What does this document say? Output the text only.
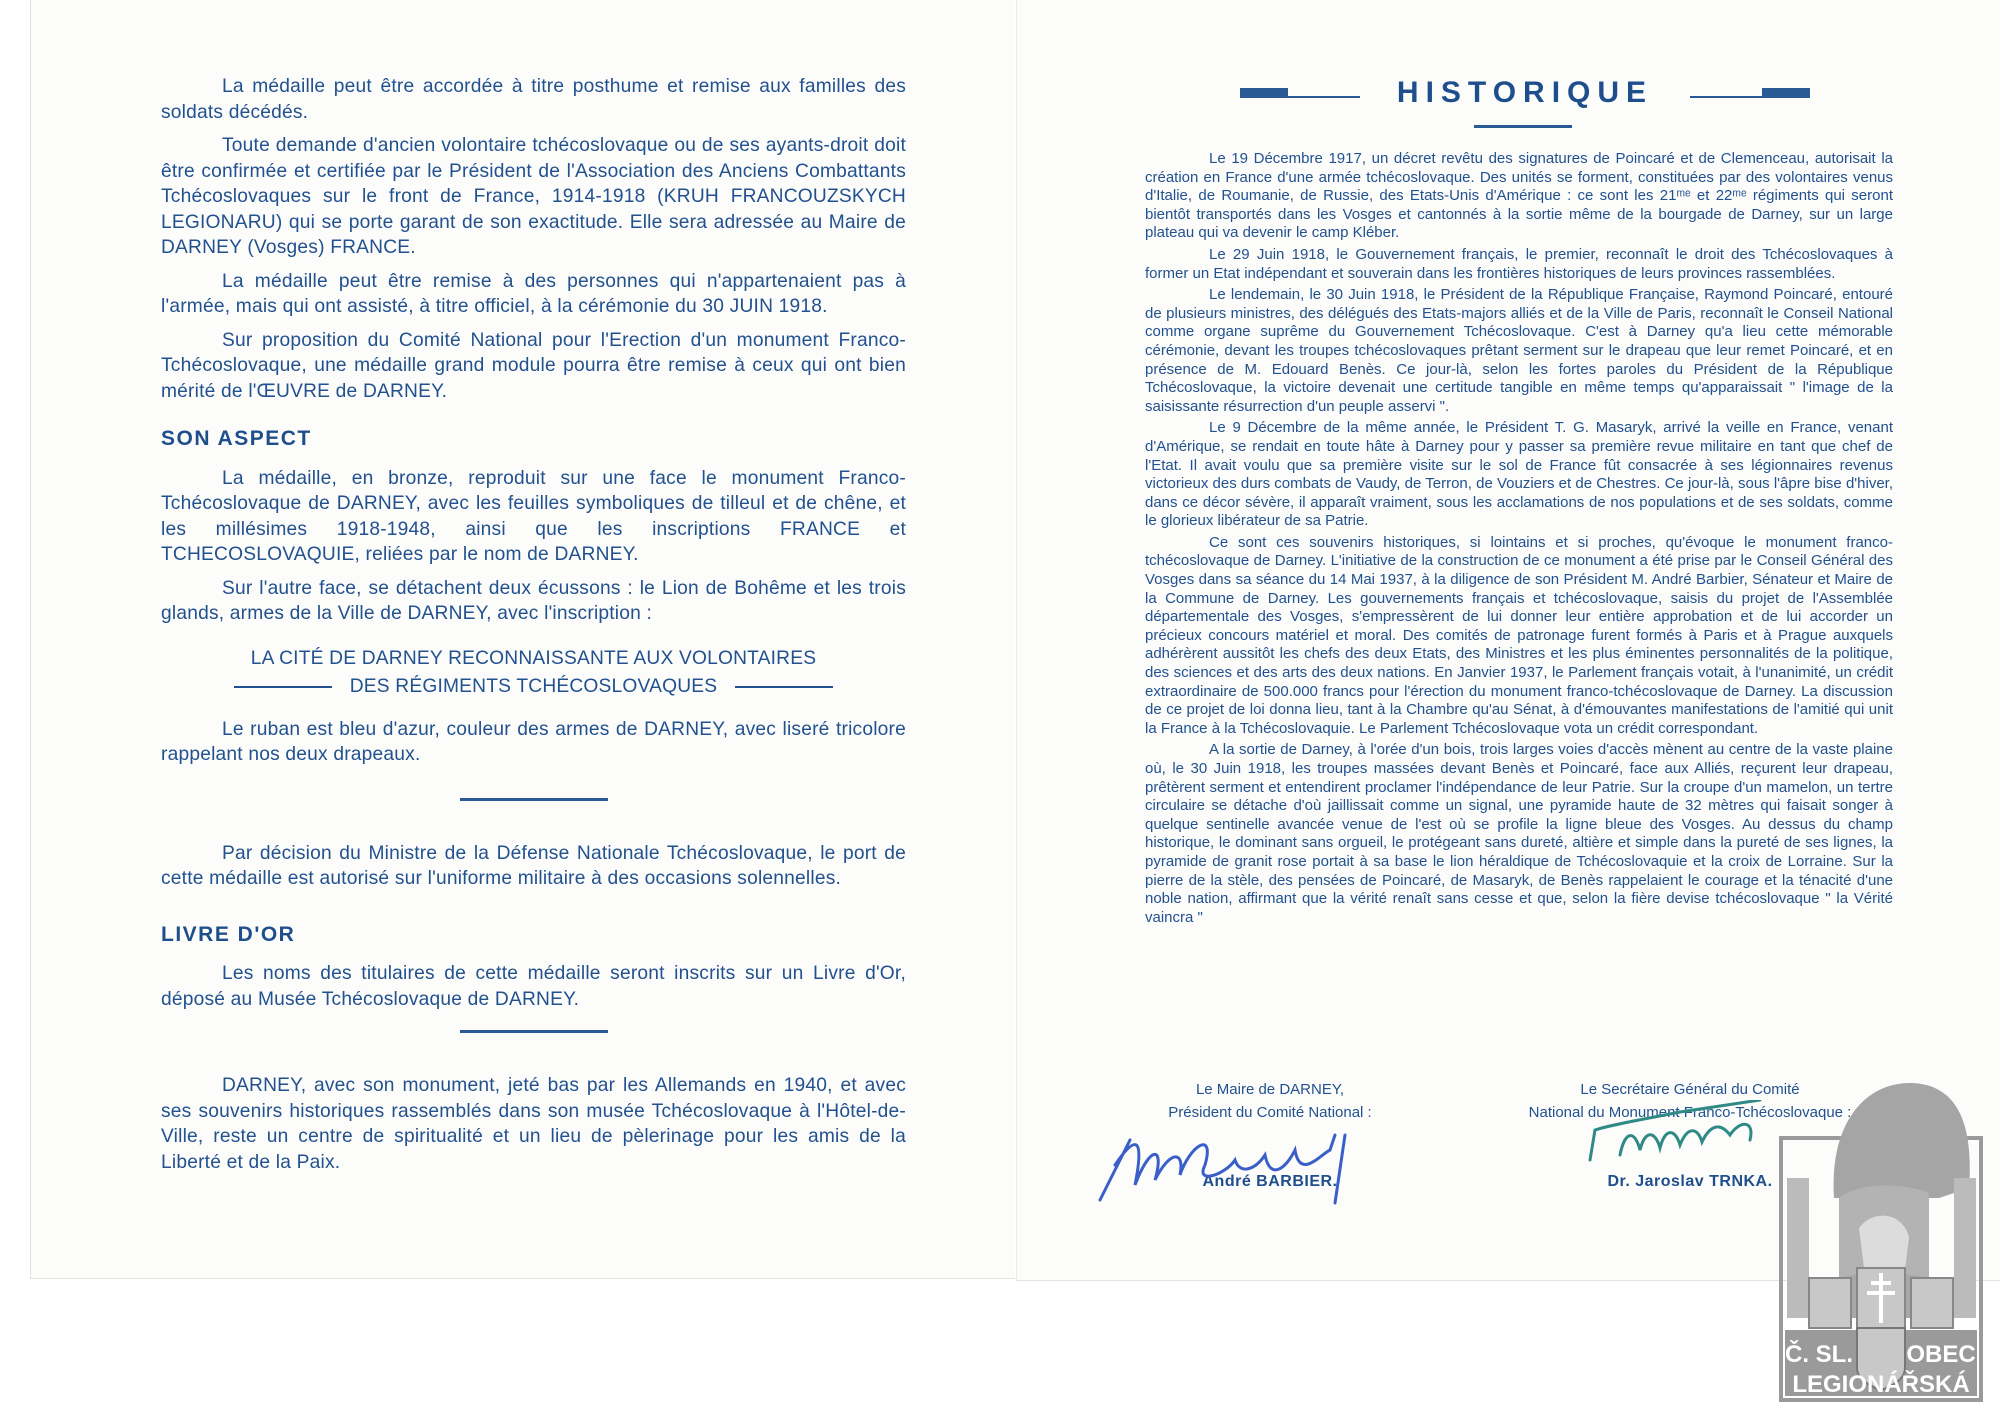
La médaille peut être accordée à titre posthume et remise aux familles des soldats décédés.

Toute demande d'ancien volontaire tchécoslovaque ou de ses ayants-droit doit être confirmée et certifiée par le Président de l'Association des Anciens Combattants Tchécoslovaques sur le front de France, 1914-1918 (KRUH FRANCOUZSKYCH LEGIONARU) qui se porte garant de son exactitude. Elle sera adressée au Maire de DARNEY (Vosges) FRANCE.

La médaille peut être remise à des personnes qui n'appartenaient pas à l'armée, mais qui ont assisté, à titre officiel, à la cérémonie du 30 JUIN 1918.

Sur proposition du Comité National pour l'Erection d'un monument Franco-Tchécoslovaque, une médaille grand module pourra être remise à ceux qui ont bien mérité de l'ŒUVRE de DARNEY.

SON ASPECT

La médaille, en bronze, reproduit sur une face le monument Franco-Tchécoslovaque de DARNEY, avec les feuilles symboliques de tilleul et de chêne, et les millésimes 1918-1948, ainsi que les inscriptions FRANCE et TCHECOSLOVAQUIE, reliées par le nom de DARNEY.

Sur l'autre face, se détachent deux écussons : le Lion de Bohême et les trois glands, armes de la Ville de DARNEY, avec l'inscription :

LA CITÉ DE DARNEY RECONNAISSANTE AUX VOLONTAIRES
DES RÉGIMENTS TCHÉCOSLOVAQUES

Le ruban est bleu d'azur, couleur des armes de DARNEY, avec liseré tricolore rappelant nos deux drapeaux.

Par décision du Ministre de la Défense Nationale Tchécoslovaque, le port de cette médaille est autorisé sur l'uniforme militaire à des occasions solennelles.

LIVRE D'OR

Les noms des titulaires de cette médaille seront inscrits sur un Livre d'Or, déposé au Musée Tchécoslovaque de DARNEY.

DARNEY, avec son monument, jeté bas par les Allemands en 1940, et avec ses souvenirs historiques rassemblés dans son musée Tchécoslovaque à l'Hôtel-de-Ville, reste un centre de spiritualité et un lieu de pèlerinage pour les amis de la Liberté et de la Paix.

HISTORIQUE

Le 19 Décembre 1917, un décret revêtu des signatures de Poincaré et de Clemenceau, autorisait la création en France d'une armée tchécoslovaque. Des unités se forment, constituées par des volontaires venus d'Italie, de Roumanie, de Russie, des Etats-Unis d'Amérique : ce sont les 21ᵐᵉ et 22ᵐᵉ régiments qui seront bientôt transportés dans les Vosges et cantonnés à la sortie même de la bourgade de Darney, sur un large plateau qui va devenir le camp Kléber.

Le 29 Juin 1918, le Gouvernement français, le premier, reconnaît le droit des Tchécoslovaques à former un Etat indépendant et souverain dans les frontières historiques de leurs provinces rassemblées.

Le lendemain, le 30 Juin 1918, le Président de la République Française, Raymond Poincaré, entouré de plusieurs ministres, des délégués des Etats-majors alliés et de la Ville de Paris, reconnaît le Conseil National comme organe suprême du Gouvernement Tchécoslovaque. C'est à Darney qu'a lieu cette mémorable cérémonie, devant les troupes tchécoslovaques prêtant serment sur le drapeau que leur remet Poincaré, et en présence de M. Edouard Benès. Ce jour-là, selon les fortes paroles du Président de la République Tchécoslovaque, la victoire devenait une certitude tangible en même temps qu'apparaissait " l'image de la saisissante résurrection d'un peuple asservi ".

Le 9 Décembre de la même année, le Président T. G. Masaryk, arrivé la veille en France, venant d'Amérique, se rendait en toute hâte à Darney pour y passer sa première revue militaire en tant que chef de l'Etat. Il avait voulu que sa première visite sur le sol de France fût consacrée à ses légionnaires revenus victorieux des durs combats de Vaudy, de Terron, de Vouziers et de Chestres. Ce jour-là, sous l'âpre bise d'hiver, dans ce décor sévère, il apparaît vraiment, sous les acclamations de nos populations et de ses soldats, comme le glorieux libérateur de sa Patrie.

Ce sont ces souvenirs historiques, si lointains et si proches, qu'évoque le monument franco-tchécoslovaque de Darney. L'initiative de la construction de ce monument a été prise par le Conseil Général des Vosges dans sa séance du 14 Mai 1937, à la diligence de son Président M. André Barbier, Sénateur et Maire de la Commune de Darney. Les gouvernements français et tchécoslovaque, saisis du projet de l'Assemblée départementale des Vosges, s'empressèrent de lui donner leur entière approbation et de lui accorder un précieux concours matériel et moral. Des comités de patronage furent formés à Paris et à Prague auxquels adhérèrent aussitôt les chefs des deux Etats, des Ministres et les plus éminentes personnalités de la politique, des sciences et des arts des deux nations. En Janvier 1937, le Parlement français votait, à l'unanimité, un crédit extraordinaire de 500.000 francs pour l'érection du monument franco-tchécoslovaque de Darney. La discussion de ce projet de loi donna lieu, tant à la Chambre qu'au Sénat, à d'émouvantes manifestations de l'amitié qui unit la France à la Tchécoslovaquie. Le Parlement Tchécoslovaque vota un crédit correspondant.

A la sortie de Darney, à l'orée d'un bois, trois larges voies d'accès mènent au centre de la vaste plaine où, le 30 Juin 1918, les troupes massées devant Benès et Poincaré, face aux Alliés, reçurent leur drapeau, prêtèrent serment et entendirent proclamer l'indépendance de leur Patrie. Sur la croupe d'un mamelon, un tertre circulaire se détache d'où jaillissait comme un signal, une pyramide haute de 32 mètres qui faisait songer à quelque sentinelle avancée venue de l'est où se profile la ligne bleue des Vosges. Au dessus du champ historique, le dominant sans orgueil, le protégeant sans dureté, altière et simple dans la pureté de ses lignes, la pyramide de granit rose portait à sa base le lion héraldique de Tchécoslovaquie et la croix de Lorraine. Sur la pierre de la stèle, des pensées de Poincaré, de Masaryk, de Benès rappelaient le courage et la ténacité d'une noble nation, affirmant que la vérité renaît sans cesse et que, selon la fière devise tchécoslovaque " la Vérité vaincra "

Le Maire de DARNEY,
Président du Comité National :
André BARBIER.
Le Secrétaire Général du Comité
National du Monument Franco-Tchécoslovaque :
Dr. Jaroslav TRNKA.
Č. SL. OBEC
LEGIONÁŘSKÁ
